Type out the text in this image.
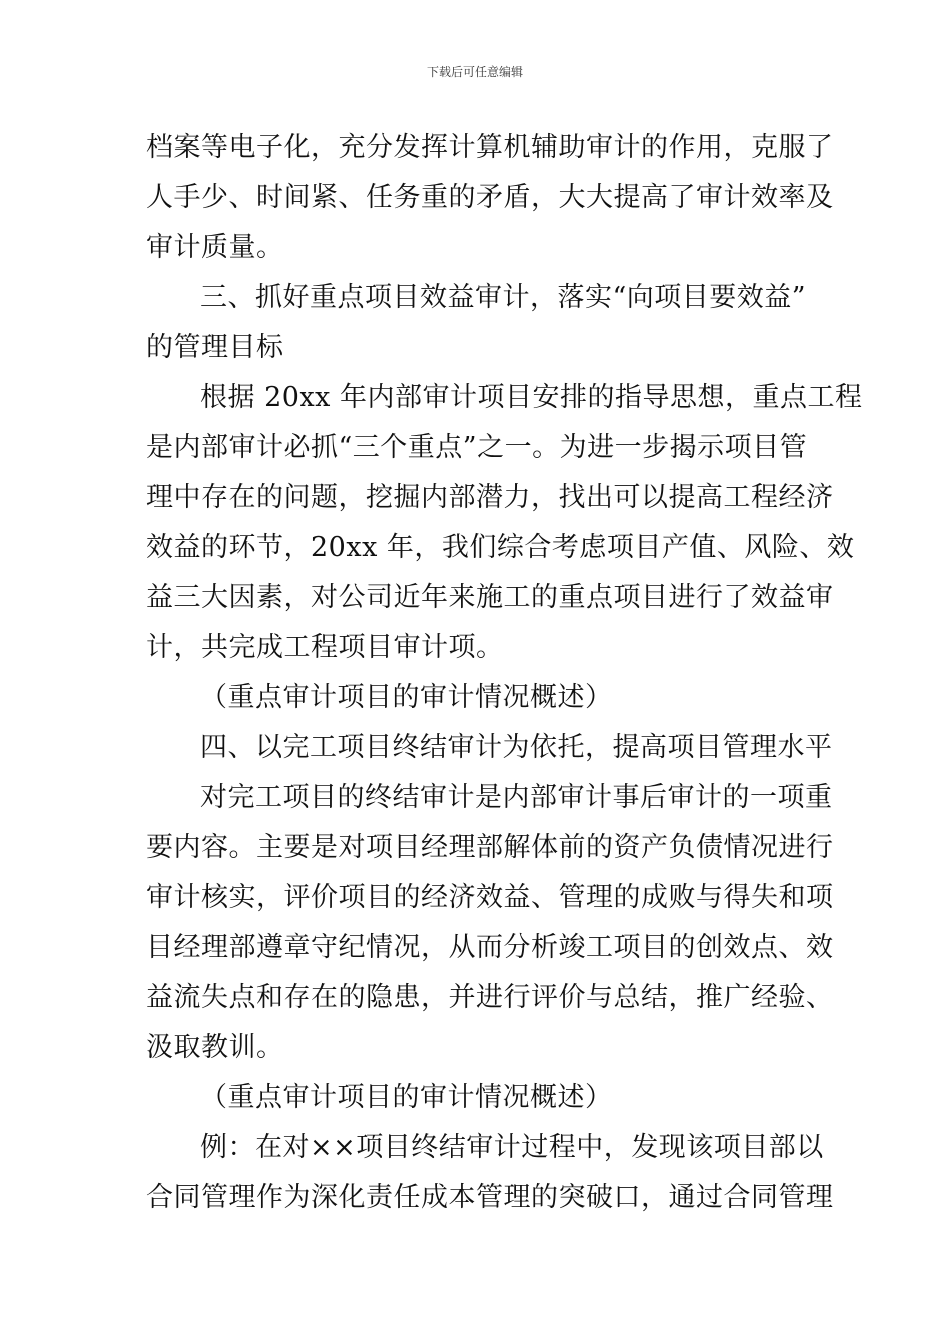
下载后可任意编辑
档案等电子化，充分发挥计算机辅助审计的作用，克服了
人手少、时间紧、任务重的矛盾，大大提高了审计效率及
审计质量。
三、抓好重点项目效益审计，落实“向项目要效益”
的管理目标
根据 20xx 年内部审计项目安排的指导思想，重点工程
是内部审计必抓“三个重点”之一。为进一步揭示项目管
理中存在的问题，挖掘内部潜力，找出可以提高工程经济
效益的环节，20xx 年，我们综合考虑项目产值、风险、效
益三大因素，对公司近年来施工的重点项目进行了效益审
计，共完成工程项目审计项。
（重点审计项目的审计情况概述）
四、以完工项目终结审计为依托，提高项目管理水平
对完工项目的终结审计是内部审计事后审计的一项重
要内容。主要是对项目经理部解体前的资产负债情况进行
审计核实，评价项目的经济效益、管理的成败与得失和项
目经理部遵章守纪情况，从而分析竣工项目的创效点、效
益流失点和存在的隐患，并进行评价与总结，推广经验、
汲取教训。
（重点审计项目的审计情况概述）
例：在对××项目终结审计过程中，发现该项目部以
合同管理作为深化责任成本管理的突破口，通过合同管理
